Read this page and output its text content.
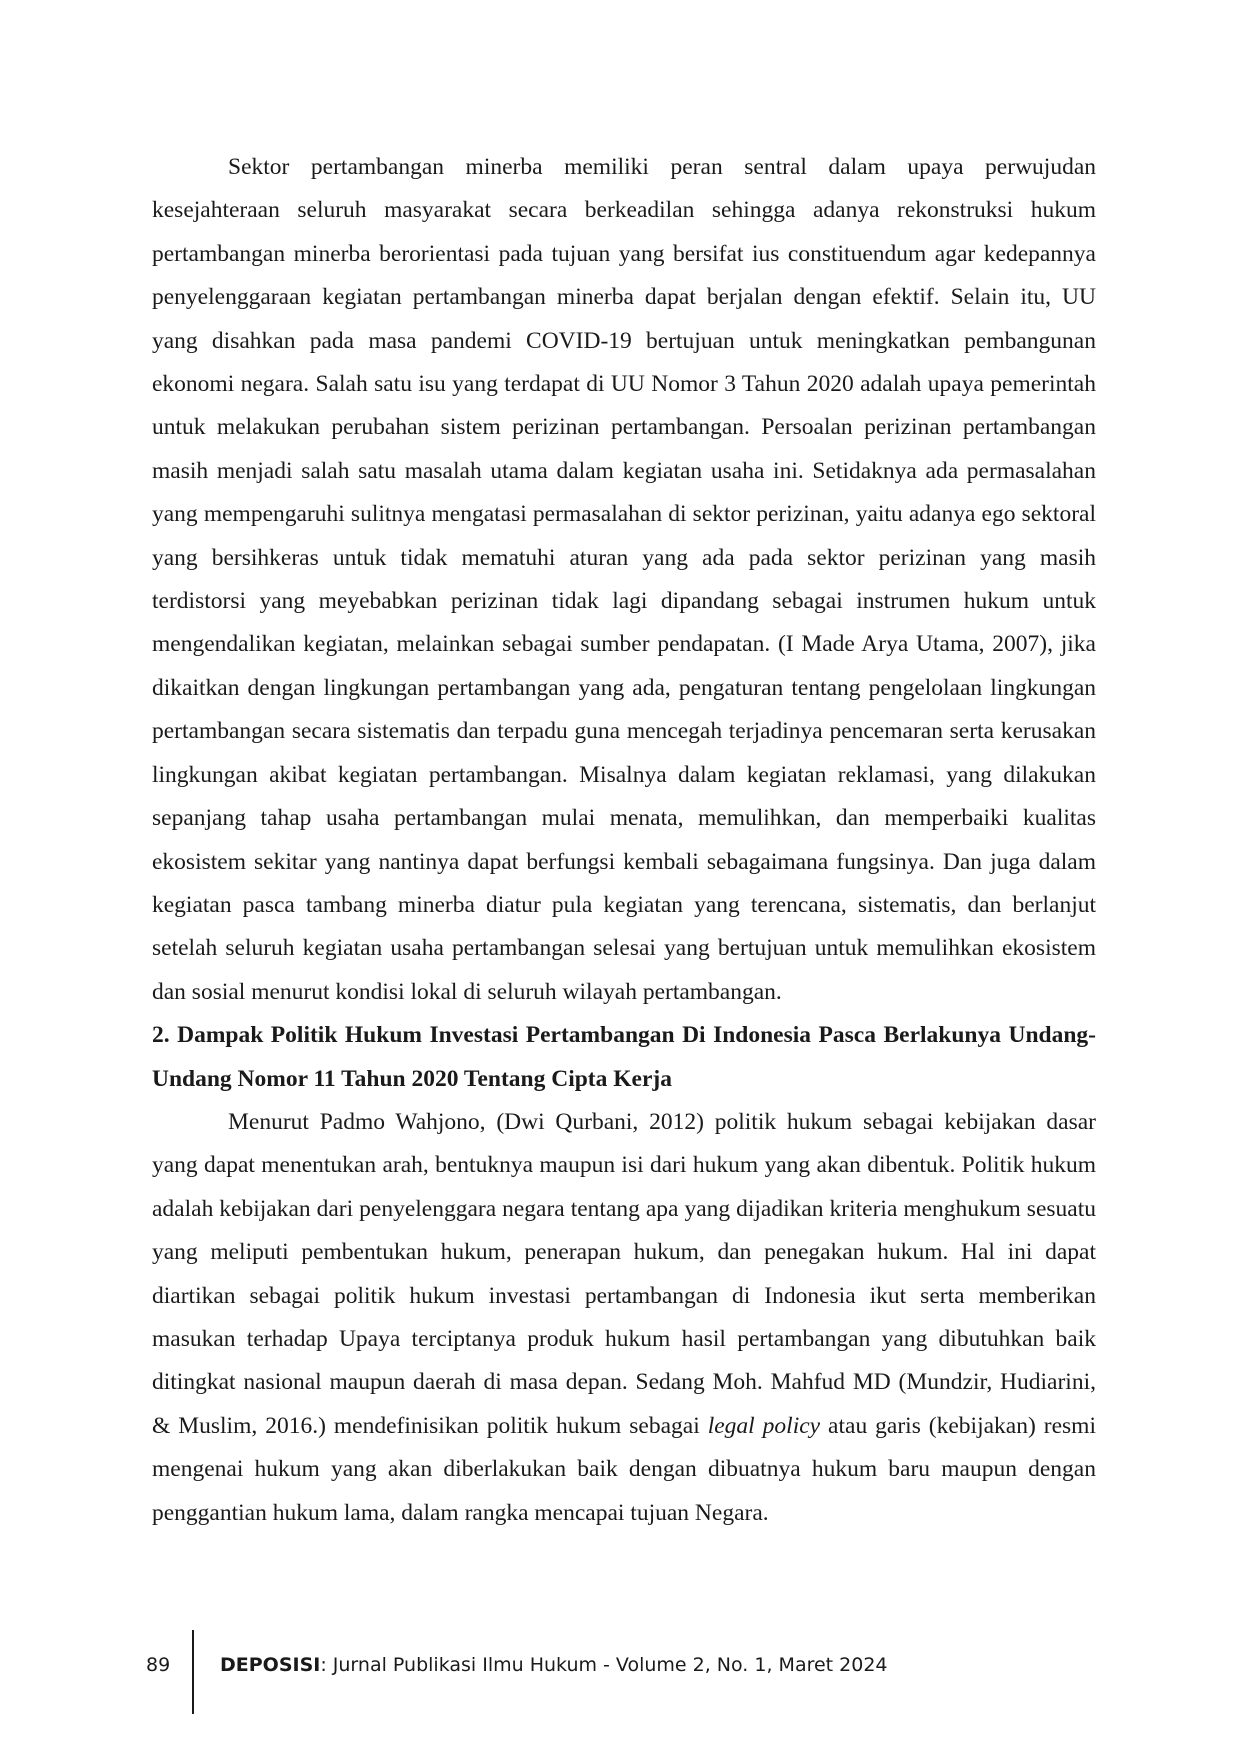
Sektor pertambangan minerba memiliki peran sentral dalam upaya perwujudan kesejahteraan seluruh masyarakat secara berkeadilan sehingga adanya rekonstruksi hukum pertambangan minerba berorientasi pada tujuan yang bersifat ius constituendum agar kedepannya penyelenggaraan kegiatan pertambangan minerba dapat berjalan dengan efektif. Selain itu, UU yang disahkan pada masa pandemi COVID-19 bertujuan untuk meningkatkan pembangunan ekonomi negara. Salah satu isu yang terdapat di UU Nomor 3 Tahun 2020 adalah upaya pemerintah untuk melakukan perubahan sistem perizinan pertambangan. Persoalan perizinan pertambangan masih menjadi salah satu masalah utama dalam kegiatan usaha ini. Setidaknya ada permasalahan yang mempengaruhi sulitnya mengatasi permasalahan di sektor perizinan, yaitu adanya ego sektoral yang bersihkeras untuk tidak mematuhi aturan yang ada pada sektor perizinan yang masih terdistorsi yang meyebabkan perizinan tidak lagi dipandang sebagai instrumen hukum untuk mengendalikan kegiatan, melainkan sebagai sumber pendapatan. (I Made Arya Utama, 2007), jika dikaitkan dengan lingkungan pertambangan yang ada, pengaturan tentang pengelolaan lingkungan pertambangan secara sistematis dan terpadu guna mencegah terjadinya pencemaran serta kerusakan lingkungan akibat kegiatan pertambangan. Misalnya dalam kegiatan reklamasi, yang dilakukan sepanjang tahap usaha pertambangan mulai menata, memulihkan, dan memperbaiki kualitas ekosistem sekitar yang nantinya dapat berfungsi kembali sebagaimana fungsinya. Dan juga dalam kegiatan pasca tambang minerba diatur pula kegiatan yang terencana, sistematis, dan berlanjut setelah seluruh kegiatan usaha pertambangan selesai yang bertujuan untuk memulihkan ekosistem dan sosial menurut kondisi lokal di seluruh wilayah pertambangan.

2. Dampak Politik Hukum Investasi Pertambangan Di Indonesia Pasca Berlakunya Undang-Undang Nomor 11 Tahun 2020 Tentang Cipta Kerja

Menurut Padmo Wahjono, (Dwi Qurbani, 2012) politik hukum sebagai kebijakan dasar yang dapat menentukan arah, bentuknya maupun isi dari hukum yang akan dibentuk. Politik hukum adalah kebijakan dari penyelenggara negara tentang apa yang dijadikan kriteria menghukum sesuatu yang meliputi pembentukan hukum, penerapan hukum, dan penegakan hukum. Hal ini dapat diartikan sebagai politik hukum investasi pertambangan di Indonesia ikut serta memberikan masukan terhadap Upaya terciptanya produk hukum hasil pertambangan yang dibutuhkan baik ditingkat nasional maupun daerah di masa depan. Sedang Moh. Mahfud MD (Mundzir, Hudiarini, & Muslim, 2016.) mendefinisikan politik hukum sebagai legal policy atau garis (kebijakan) resmi mengenai hukum yang akan diberlakukan baik dengan dibuatnya hukum baru maupun dengan penggantian hukum lama, dalam rangka mencapai tujuan Negara.

89	DEPOSISI: Jurnal Publikasi Ilmu Hukum - Volume 2, No. 1, Maret 2024
